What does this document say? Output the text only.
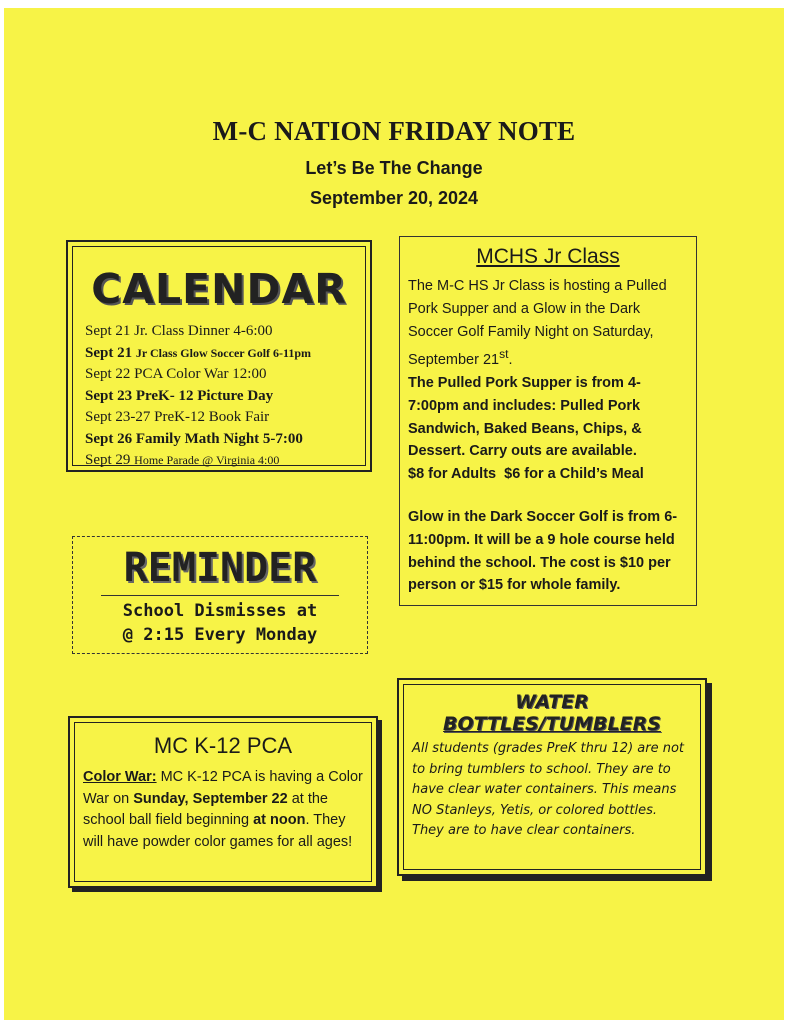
M-C NATION FRIDAY NOTE
Let’s Be The Change
September 20, 2024
CALENDAR
Sept 21 Jr. Class Dinner 4-6:00
Sept 21 Jr Class Glow Soccer Golf 6-11pm
Sept 22 PCA Color War 12:00
Sept 23 PreK- 12 Picture Day
Sept 23-27 PreK-12 Book Fair
Sept 26 Family Math Night 5-7:00
Sept 29 Home Parade @ Virginia 4:00
REMINDER
School Dismisses at
@ 2:15 Every Monday
MCHS Jr Class

The M-C HS Jr Class is hosting a Pulled Pork Supper and a Glow in the Dark Soccer Golf Family Night on Saturday, September 21st.

The Pulled Pork Supper is from 4-7:00pm and includes: Pulled Pork Sandwich, Baked Beans, Chips, & Dessert. Carry outs are available.

$8 for Adults  $6 for a Child’s Meal

Glow in the Dark Soccer Golf is from 6-11:00pm. It will be a 9 hole course held behind the school. The cost is $10 per person or $15 for whole family.

MC K-12 PCA

Color War: MC K-12 PCA is having a Color War on Sunday, September 22 at the school ball field beginning at noon. They will have powder color games for all ages!

WATER
BOTTLES/TUMBLERS

All students (grades PreK thru 12) are not to bring tumblers to school. They are to have clear water containers. This means NO Stanleys, Yetis, or colored bottles. They are to have clear containers.
